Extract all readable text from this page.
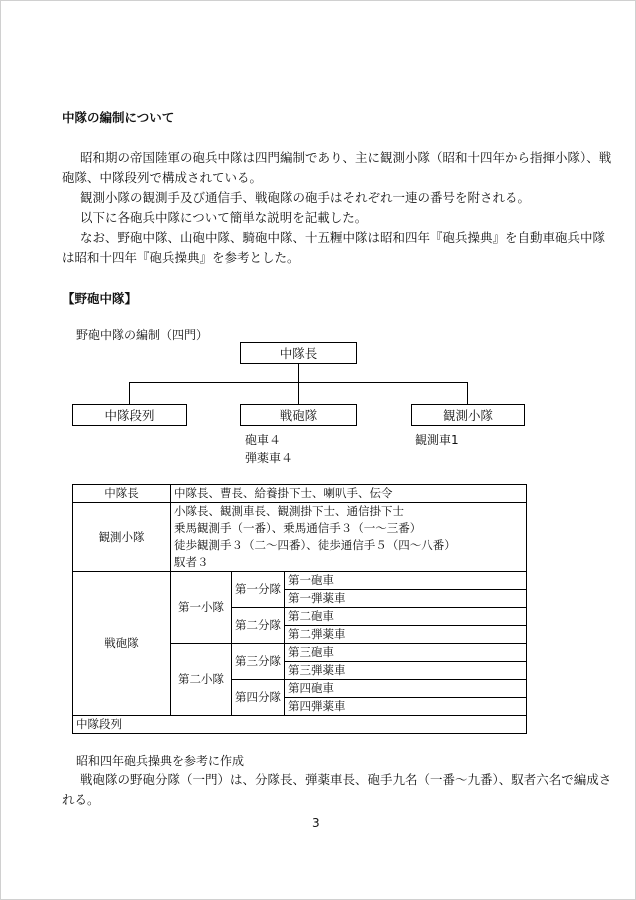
中隊の編制について
昭和期の帝国陸軍の砲兵中隊は四門編制であり、主に観測小隊（昭和十四年から指揮小隊）、戦
砲隊、中隊段列で構成されている。
観測小隊の観測手及び通信手、戦砲隊の砲手はそれぞれ一連の番号を附される。
以下に各砲兵中隊について簡単な説明を記載した。
なお、野砲中隊、山砲中隊、騎砲中隊、十五糎中隊は昭和四年『砲兵操典』を自動車砲兵中隊
は昭和十四年『砲兵操典』を参考とした。
【野砲中隊】
野砲中隊の編制（四門）
中隊長
中隊段列	戦砲隊	観測小隊
砲車４
弾薬車４
観測車1
中隊長	中隊長、曹長、給養掛下士、喇叭手、伝令		
観測小隊	小隊長、観測車長、観測掛下士、通信掛下士
乗馬観測手（一番）、乗馬通信手３（一～三番）
徒歩観測手３（二～四番）、徒歩通信手５（四～八番）
馭者３		

戦砲隊	第一小隊	第一分隊	第一砲車
			第一弾薬車
		第二分隊	第二砲車
			第二弾薬車
	第二小隊	第三分隊	第三砲車
			第三弾薬車
		第四分隊	第四砲車
			第四弾薬車
中隊段列			
昭和四年砲兵操典を参考に作成
戦砲隊の野砲分隊（一門）は、分隊長、弾薬車長、砲手九名（一番～九番）、馭者六名で編成さ
れる。
3
